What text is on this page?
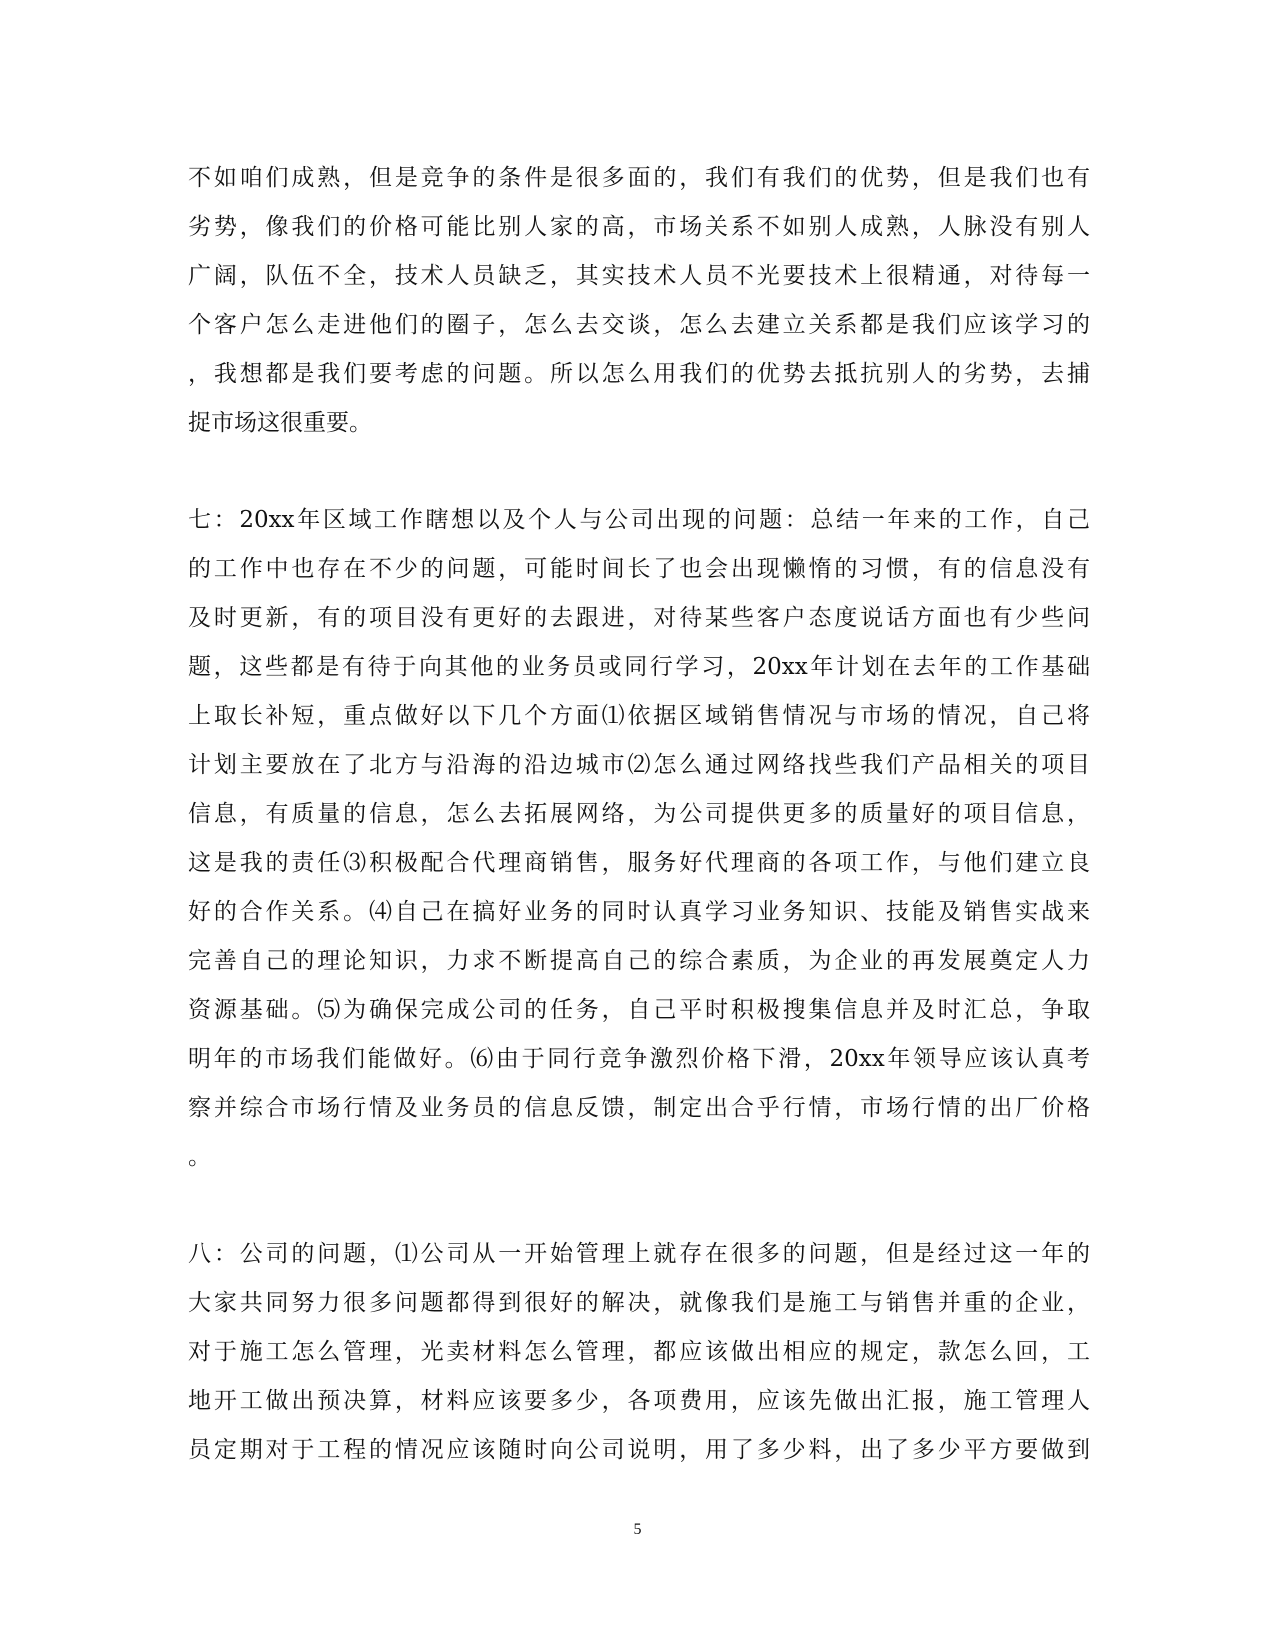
不如咱们成熟，但是竞争的条件是很多面的，我们有我们的优势，但是我们也有
劣势，像我们的价格可能比别人家的高，市场关系不如别人成熟，人脉没有别人
广阔，队伍不全，技术人员缺乏，其实技术人员不光要技术上很精通，对待每一
个客户怎么走进他们的圈子，怎么去交谈，怎么去建立关系都是我们应该学习的
，我想都是我们要考虑的问题。所以怎么用我们的优势去抵抗别人的劣势，去捕
捉市场这很重要。
七：20xx年区域工作瞎想以及个人与公司出现的问题：总结一年来的工作，自己
的工作中也存在不少的问题，可能时间长了也会出现懒惰的习惯，有的信息没有
及时更新，有的项目没有更好的去跟进，对待某些客户态度说话方面也有少些问
题，这些都是有待于向其他的业务员或同行学习，20xx年计划在去年的工作基础
上取长补短，重点做好以下几个方面⑴依据区域销售情况与市场的情况，自己将
计划主要放在了北方与沿海的沿边城市⑵怎么通过网络找些我们产品相关的项目
信息，有质量的信息，怎么去拓展网络，为公司提供更多的质量好的项目信息，
这是我的责任⑶积极配合代理商销售，服务好代理商的各项工作，与他们建立良
好的合作关系。⑷自己在搞好业务的同时认真学习业务知识、技能及销售实战来
完善自己的理论知识，力求不断提高自己的综合素质，为企业的再发展奠定人力
资源基础。⑸为确保完成公司的任务，自己平时积极搜集信息并及时汇总，争取
明年的市场我们能做好。⑹由于同行竞争激烈价格下滑，20xx年领导应该认真考
察并综合市场行情及业务员的信息反馈，制定出合乎行情，市场行情的出厂价格
。
八：公司的问题，⑴公司从一开始管理上就存在很多的问题，但是经过这一年的
大家共同努力很多问题都得到很好的解决，就像我们是施工与销售并重的企业，
对于施工怎么管理，光卖材料怎么管理，都应该做出相应的规定，款怎么回，工
地开工做出预决算，材料应该要多少，各项费用，应该先做出汇报，施工管理人
员定期对于工程的情况应该随时向公司说明，用了多少料，出了多少平方要做到
5
